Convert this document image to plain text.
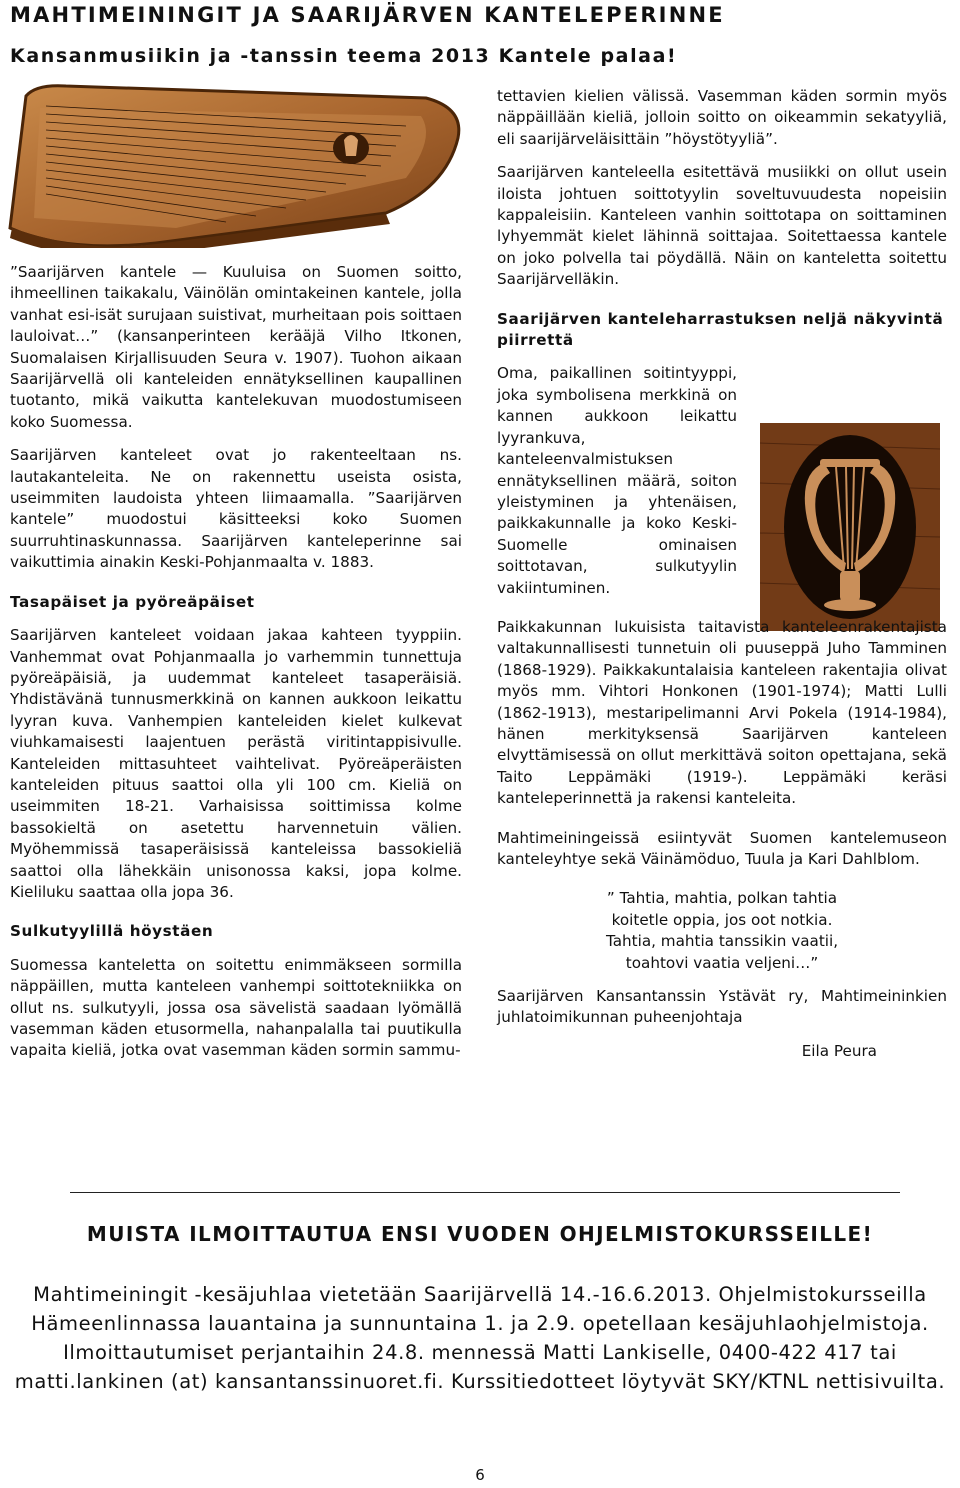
MAHTIMEININGIT JA SAARIJÄRVEN KANTELEPERINNE
Kansanmusiikin ja -tanssin teema 2013 Kantele palaa!

”Saarijärven kantele — Kuuluisa on Suomen soitto, ihmeellinen taikakalu, Väinölän omintakeinen kantele, jolla vanhat esi-isät surujaan suistivat, murheitaan pois soittaen lauloivat…” (kansanperinteen kerääjä Vilho Itkonen, Suomalaisen Kirjallisuuden Seura v. 1907). Tuohon aikaan Saarijärvellä oli kanteleiden ennätyksellinen kaupallinen tuotanto, mikä vaikutta kantelekuvan muodostumiseen koko Suomessa.

Saarijärven kanteleet ovat jo rakenteeltaan ns. lautakanteleita. Ne on rakennettu useista osista, useimmiten laudoista yhteen liimaamalla. ”Saarijärven kantele” muodostui käsitteeksi koko Suomen suurruhtinaskunnassa. Saarijärven kanteleperinne sai vaikuttimia ainakin Keski-Pohjanmaalta v. 1883.

Tasapäiset ja pyöreäpäiset

Saarijärven kanteleet voidaan jakaa kahteen tyyppiin. Vanhemmat ovat Pohjanmaalla jo varhemmin tunnettuja pyöreäpäisiä, ja uudemmat kanteleet tasaperäisiä. Yhdistävänä tunnusmerkkinä on kannen aukkoon leikattu lyyran kuva. Vanhempien kanteleiden kielet kulkevat viuhkamaisesti laajentuen perästä viritintappisivulle. Kanteleiden mittasuhteet vaihtelivat. Pyöreäperäisten kanteleiden pituus saattoi olla yli 100 cm. Kieliä on useimmiten 18-21. Varhaisissa soittimissa kolme bassokieltä on asetettu harvennetuin välien. Myöhemmissä tasaperäisissä kanteleissa bassokieliä saattoi olla lähekkäin unisonossa kaksi, jopa kolme. Kieliluku saattaa olla jopa 36.

Sulkutyylillä höystäen

Suomessa kanteletta on soitettu enimmäkseen sormilla näppäillen, mutta kanteleen vanhempi soittotekniikka on ollut ns. sulkutyyli, jossa osa sävelistä saadaan lyömällä vasemman käden etusormella, nahanpalalla tai puutikulla vapaita kieliä, jotka ovat vasemman käden sormin sammu-

tettavien kielien välissä. Vasemman käden sormin myös näppäillään kieliä, jolloin soitto on oikeammin sekatyyliä, eli saarijärveläisittäin ”höystötyyliä”.

Saarijärven kanteleella esitettävä musiikki on ollut usein iloista johtuen soittotyylin soveltuvuudesta nopeisiin kappaleisiin. Kanteleen vanhin soittotapa on soittaminen lyhyemmät kielet lähinnä soittajaa. Soitettaessa kantele on joko polvella tai pöydällä. Näin on kanteletta soitettu Saarijärvelläkin.

Saarijärven kanteleharrastuksen neljä näkyvintä piirrettä

Oma, paikallinen soitintyyppi, joka symbolisena merkkinä on kannen aukkoon leikattu lyyrankuva, kanteleenvalmistuksen ennätyksellinen määrä, soiton yleistyminen ja yhtenäisen, paikkakunnalle ja koko Keski-Suomelle ominaisen soittotavan, sulkutyylin vakiintuminen.

Paikkakunnan lukuisista taitavista kanteleenrakentajista valtakunnallisesti tunnetuin oli puuseppä Juho Tamminen (1868-1929). Paikkakuntalaisia kanteleen rakentajia olivat myös mm. Vihtori Honkonen (1901-1974); Matti Lulli (1862-1913), mestaripelimanni Arvi Pokela (1914-1984), hänen merkityksensä Saarijärven kanteleen elvyttämisessä on ollut merkittävä soiton opettajana, sekä Taito Leppämäki (1919-). Leppämäki keräsi kanteleperinnettä ja rakensi kanteleita.

Mahtimeiningeissä esiintyvät Suomen kantelemuseon kanteleyhtye sekä Väinämöduo, Tuula ja Kari Dahlblom.

” Tahtia, mahtia, polkan tahtia
koitetle oppia, jos oot notkia.
Tahtia, mahtia tanssikin vaatii,
toahtovi vaatia veljeni…”

Saarijärven Kansantanssin Ystävät ry, Mahtimeininkien juhlatoimikunnan puheenjohtaja

Eila Peura

MUISTA ILMOITTAUTUA ENSI VUODEN OHJELMISTOKURSSEILLE!
Mahtimeiningit -kesäjuhlaa vietetään Saarijärvellä 14.-16.6.2013. Ohjelmistokursseilla Hämeenlinnassa lauantaina ja sunnuntaina 1. ja 2.9. opetellaan kesäjuhlaohjelmistoja. Ilmoittautumiset perjantaihin 24.8. mennessä Matti Lankiselle, 0400-422 417 tai matti.lankinen (at) kansantanssinuoret.fi. Kurssitiedotteet löytyvät SKY/KTNL nettisivuilta.
6
